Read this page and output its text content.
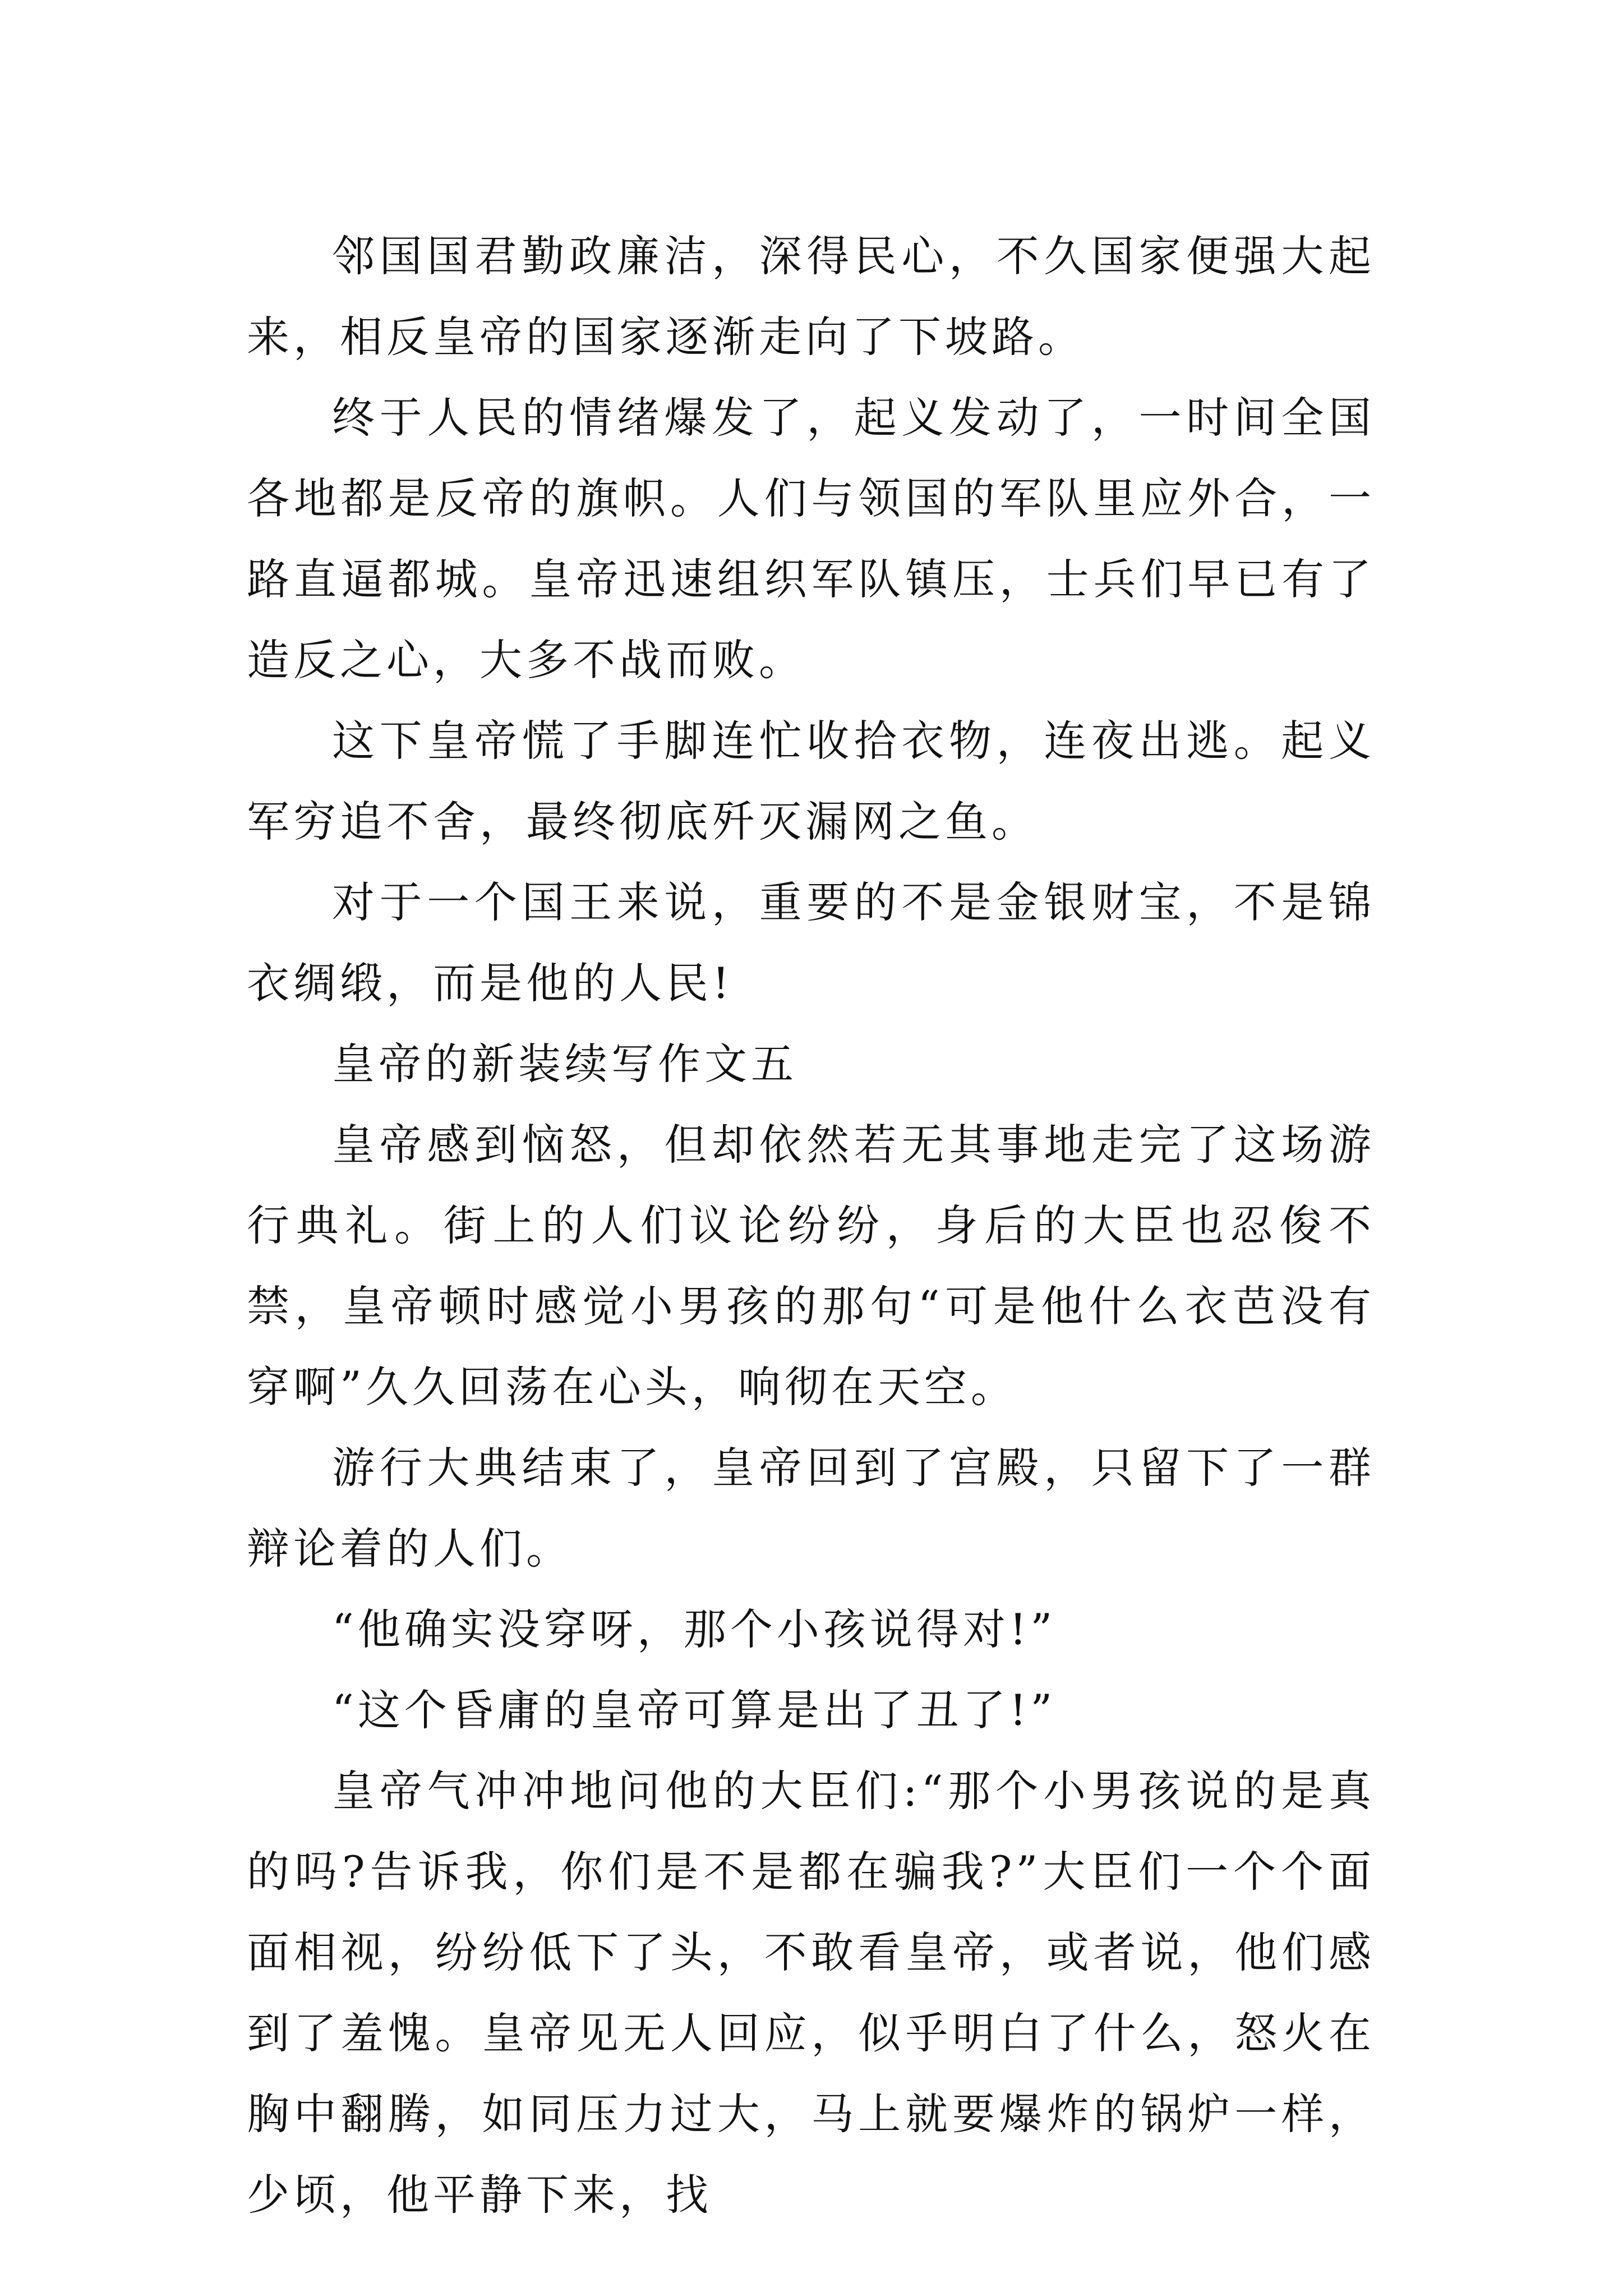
邻国国君勤政廉洁，深得民心，不久国家便强大起来，相反皇帝的国家逐渐走向了下坡路。

终于人民的情绪爆发了，起义发动了，一时间全国各地都是反帝的旗帜。人们与领国的军队里应外合，一路直逼都城。皇帝迅速组织军队镇压，士兵们早已有了造反之心，大多不战而败。

这下皇帝慌了手脚连忙收拾衣物，连夜出逃。起义军穷追不舍，最终彻底歼灭漏网之鱼。

对于一个国王来说，重要的不是金银财宝，不是锦衣绸缎，而是他的人民!

皇帝的新装续写作文五

皇帝感到恼怒，但却依然若无其事地走完了这场游行典礼。街上的人们议论纷纷，身后的大臣也忍俊不禁，皇帝顿时感觉小男孩的那句“可是他什么衣芭没有穿啊”久久回荡在心头，响彻在天空。

游行大典结束了，皇帝回到了宫殿，只留下了一群辩论着的人们。

“他确实没穿呀，那个小孩说得对!”

“这个昏庸的皇帝可算是出了丑了!”

皇帝气冲冲地问他的大臣们:“那个小男孩说的是真的吗?告诉我，你们是不是都在骗我?”大臣们一个个面面相视，纷纷低下了头，不敢看皇帝，或者说，他们感到了羞愧。皇帝见无人回应，似乎明白了什么，怒火在胸中翻腾，如同压力过大，马上就要爆炸的锅炉一样，少顷，他平静下来，找
